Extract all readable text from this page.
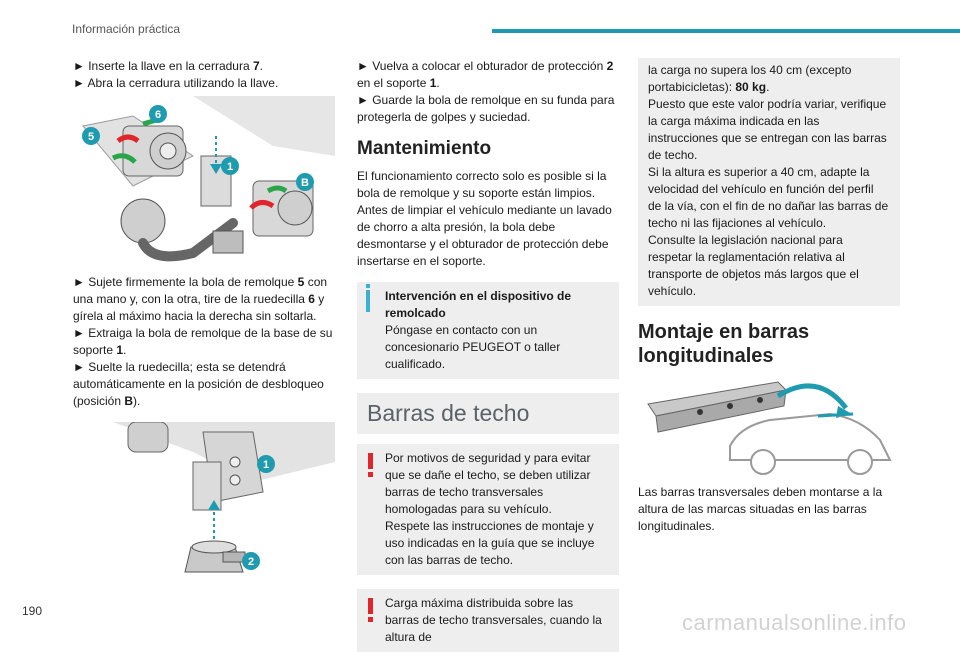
Información práctica

► Inserte la llave en la cerradura 7.

► Abra la cerradura utilizando la llave.

6
5
1
B

► Sujete firmemente la bola de remolque 5 con una mano y, con la otra, tire de la ruedecilla 6 y gírela al máximo hacia la derecha sin soltarla.

► Extraiga la bola de remolque de la base de su soporte 1.

► Suelte la ruedecilla; esta se detendrá automáticamente en la posición de desbloqueo (posición B).

1
2

► Vuelva a colocar el obturador de protección 2 en el soporte 1.

► Guarde la bola de remolque en su funda para protegerla de golpes y suciedad.

Mantenimiento

El funcionamiento correcto solo es posible si la bola de remolque y su soporte están limpios. Antes de limpiar el vehículo mediante un lavado de chorro a alta presión, la bola debe desmontarse y el obturador de protección debe insertarse en el soporte.

Intervención en el dispositivo de remolcado

Póngase en contacto con un concesionario PEUGEOT o taller cualificado.

Barras de techo

Por motivos de seguridad y para evitar que se dañe el techo, se deben utilizar barras de techo transversales homologadas para su vehículo.

Respete las instrucciones de montaje y uso indicadas en la guía que se incluye con las barras de techo.

Carga máxima distribuida sobre las barras de techo transversales, cuando la altura de

la carga no supera los 40 cm (excepto portabicicletas): 80 kg.

Puesto que este valor podría variar, verifique la carga máxima indicada en las instrucciones que se entregan con las barras de techo.

Si la altura es superior a 40 cm, adapte la velocidad del vehículo en función del perfil de la vía, con el fin de no dañar las barras de techo ni las fijaciones al vehículo.

Consulte la legislación nacional para respetar la reglamentación relativa al transporte de objetos más largos que el vehículo.

Montaje en barras longitudinales

Las barras transversales deben montarse a la altura de las marcas situadas en las barras longitudinales.

190	carmanualsonline.info
